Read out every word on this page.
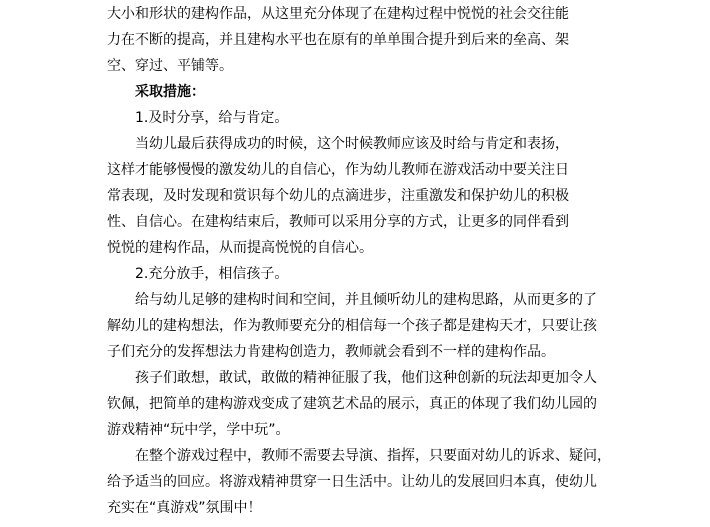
大小和形状的建构作品，从这里充分体现了在建构过程中悦悦的社会交往能
力在不断的提高，并且建构水平也在原有的单单围合提升到后来的垒高、架
空、穿过、平铺等。
采取措施：
1.及时分享，给与肯定。
当幼儿最后获得成功的时候，这个时候教师应该及时给与肯定和表扬，
这样才能够慢慢的激发幼儿的自信心，作为幼儿教师在游戏活动中要关注日
常表现，及时发现和赏识每个幼儿的点滴进步，注重激发和保护幼儿的积极
性、自信心。在建构结束后，教师可以采用分享的方式，让更多的同伴看到
悦悦的建构作品，从而提高悦悦的自信心。
2.充分放手，相信孩子。
给与幼儿足够的建构时间和空间，并且倾听幼儿的建构思路，从而更多的了
解幼儿的建构想法，作为教师要充分的相信每一个孩子都是建构天才，只要让孩
子们充分的发挥想法力肯建构创造力，教师就会看到不一样的建构作品。
孩子们敢想，敢试，敢做的精神征服了我，他们这种创新的玩法却更加令人
钦佩，把简单的建构游戏变成了建筑艺术品的展示，真正的体现了我们幼儿园的
游戏精神“玩中学，学中玩”。
在整个游戏过程中，教师不需要去导演、指挥，只要面对幼儿的诉求、疑问，
给予适当的回应。将游戏精神贯穿一日生活中。让幼儿的发展回归本真，使幼儿
充实在“真游戏”氛围中！
